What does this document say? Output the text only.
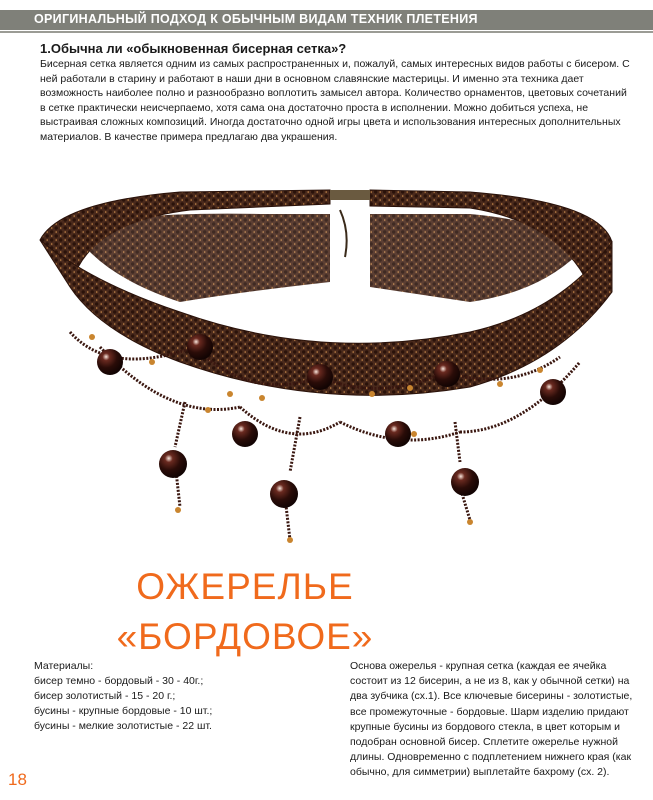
ОРИГИНАЛЬНЫЙ ПОДХОД К ОБЫЧНЫМ ВИДАМ ТЕХНИК ПЛЕТЕНИЯ
1.Обычна ли «обыкновенная бисерная сетка»?

Бисерная сетка является одним из самых распространенных и, пожалуй, самых интересных видов работы с бисером. С ней работали в старину и работают в наши дни в основном славянские мастерицы. И именно эта техника дает возможность наиболее полно и разнообразно воплотить замысел автора. Количество орнаментов, цветовых сочетаний в сетке практически неисчерпаемо, хотя сама она достаточно проста в исполнении. Можно добиться успеха, не выстраивая сложных композиций. Иногда достаточно одной игры цвета и использования интересных дополнительных материалов. В качестве примера предлагаю два украшения.

ОЖЕРЕЛЬЕ
«БОРДОВОЕ»
Материалы:
бисер темно - бордовый - 30 - 40г.;
бисер золотистый - 15 - 20 г.;
бусины - крупные бордовые - 10 шт.;
бусины - мелкие золотистые - 22 шт.

Основа ожерелья - крупная сетка (каждая ее ячейка состоит из 12 бисерин, а не из 8, как у обычной сетки) на два зубчика (сх.1). Все ключевые бисерины - золотистые, все промежуточные - бордовые. Шарм изделию придают крупные бусины из бордового стекла, в цвет которым и подобран основной бисер. Сплетите ожерелье нужной длины. Одновременно с подплетением нижнего края (как обычно, для симметрии) выплетайте бахрому (сх. 2).

18
